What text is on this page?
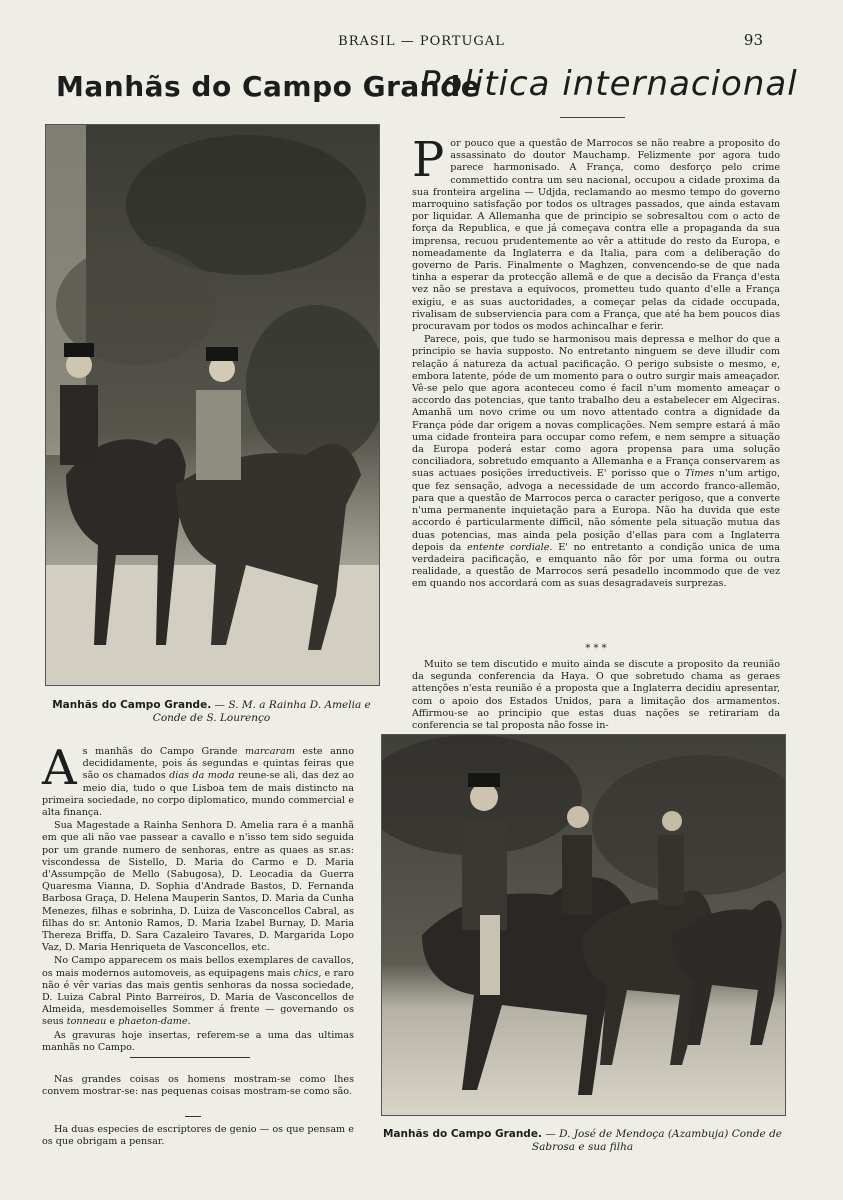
BRASIL — PORTUGAL	93
Manhãs do Campo Grande
Politica internacional
Manhãs do Campo Grande. — S. M. a Rainha D. Amelia e Conde de S. Lourenço

Por pouco que a questão de Marrocos se não reabre a proposito do assassinato do doutor Mauchamp. Felizmente por agora tudo parece harmonisado. A França, como desforço pelo crime commettido contra um seu nacional, occupou a cidade proxima da sua fronteira argelina — Udjda, reclamando ao mesmo tempo do governo marroquino satisfação por todos os ultrages passados, que ainda estavam por liquidar. A Allemanha que de principio se sobresaltou com o acto de força da Republica, e que já começava contra elle a propaganda da sua imprensa, recuou prudentemente ao vêr a attitude do resto da Europa, e nomeadamente da Inglaterra e da Italia, para com a deliberação do governo de Paris. Finalmente o Maghzen, convencendo-se de que nada tinha a esperar da protecção allemã e de que a decisão da França d'esta vez não se prestava a equivocos, prometteu tudo quanto d'elle a França exigiu, e as suas auctoridades, a começar pelas da cidade occupada, rivalisam de subserviencia para com a França, que até ha bem poucos dias procuravam por todos os modos achincalhar e ferir.

Parece, pois, que tudo se harmonisou mais depressa e melhor do que a principio se havia supposto. No entretanto ninguem se deve illudir com relação á natureza da actual pacificação. O perigo subsiste o mesmo, e, embora latente, póde de um momento para o outro surgir mais ameaçador. Vê-se pelo que agora aconteceu como é facil n'um momento ameaçar o accordo das potencias, que tanto trabalho deu a estabelecer em Algeciras. Amanhã um novo crime ou um novo attentado contra a dignidade da França póde dar origem a novas complicações. Nem sempre estará á mão uma cidade fronteira para occupar como refem, e nem sempre a situação da Europa poderá estar como agora propensa para uma solução conciliadora, sobretudo emquanto a Allemanha e a França conservarem as suas actuaes posições irreductiveis. E' porisso que o Times n'um artigo, que fez sensação, advoga a necessidade de um accordo franco-allemão, para que a questão de Marrocos perca o caracter perigoso, que a converte n'uma permanente inquietação para a Europa. Não ha duvida que este accordo é particularmente difficil, não sómente pela situação mutua das duas potencias, mas ainda pela posição d'ellas para com a Inglaterra depois da entente cordiale. E' no entretanto a condição unica de uma verdadeira pacificação, e emquanto não fôr por uma forma ou outra realidade, a questão de Marrocos será pesadello incommodo que de vez em quando nos accordará com as suas desagradaveis surprezas.

* * *

Muito se tem discutido e muito ainda se discute a proposito da reunião da segunda conferencia da Haya. O que sobretudo chama as geraes attenções n'esta reunião é a proposta que a Inglaterra decidiu apresentar, com o apoio dos Estados Unidos, para a limitação dos armamentos. Affirmou-se ao principio que estas duas nações se retirariam da conferencia se tal proposta não fosse in-

As manhãs do Campo Grande marcaram este anno decididamente, pois ás segundas e quintas feiras que são os chamados dias da moda reune-se ali, das dez ao meio dia, tudo o que Lisboa tem de mais distincto na primeira sociedade, no corpo diplomatico, mundo commercial e alta finança.

Sua Magestade a Rainha Senhora D. Amelia rara é a manhã em que ali não vae passear a cavallo e n'isso tem sido seguida por um grande numero de senhoras, entre as quaes as sr.as: viscondessa de Sistello, D. Maria do Carmo e D. Maria d'Assumpção de Mello (Sabugosa), D. Leocadia da Guerra Quaresma Vianna, D. Sophia d'Andrade Bastos, D. Fernanda Barbosa Graça, D. Helena Mauperin Santos, D. Maria da Cunha Menezes, filhas e sobrinha, D. Luiza de Vasconcellos Cabral, as filhas do sr. Antonio Ramos, D. Maria Izabel Burnay, D. Maria Thereza Briffa, D. Sara Cazaleiro Tavares, D. Margarida Lopo Vaz, D. Maria Henriqueta de Vasconcellos, etc.

No Campo apparecem os mais bellos exemplares de cavallos, os mais modernos automoveis, as equipagens mais chics, e raro não é vêr varias das mais gentis senhoras da nossa sociedade, D. Luiza Cabral Pinto Barreiros, D. Maria de Vasconcellos de Almeida, mesdemoiselles Sommer á frente — governando os seus tonneau e phaeton-dame.

As gravuras hoje insertas, referem-se a uma das ultimas manhãs no Campo.

Nas grandes coisas os homens mostram-se como lhes convem mostrar-se: nas pequenas coisas mostram-se como são.

Ha duas especies de escriptores de genio — os que pensam e os que obrigam a pensar.

Manhãs do Campo Grande. — D. José de Mendoça (Azambuja) Conde de Sabrosa e sua filha
